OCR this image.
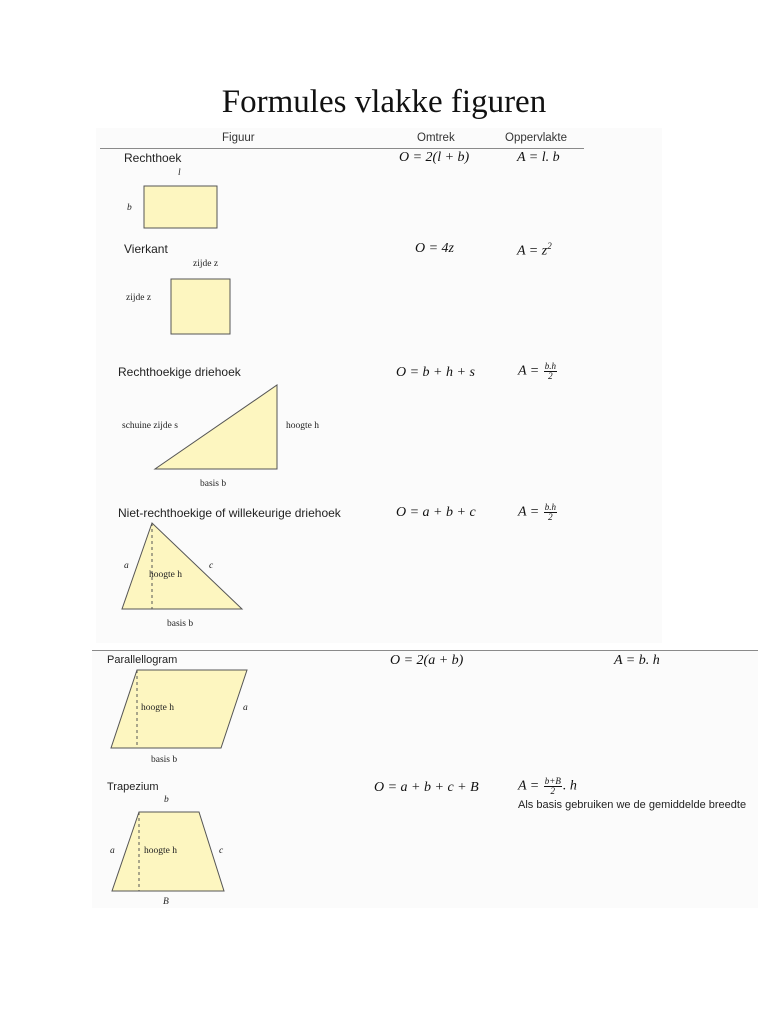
Formules vlakke figuren
Figuur	Omtrek	Oppervlakte
Rechthoek	O = 2(l + b)	A = l. b
l
b
Vierkant	O = 4z	$A = z^2$
zijde z
zijde z
Rechthoekige driehoek	O = b + h + s	$A = \frac{b.h}{2}$
schuine zijde s	hoogte h
basis b
Niet-rechthoekige of willekeurige driehoek	O = a + b + c	$A = \frac{b.h}{2}$
a	c
hoogte h
basis b
Parallellogram	O = 2(a + b)	A = b. h
hoogte h	a
basis b
Trapezium	O = a + b + c + B	$A = \frac{b+B}{2}$ . h
Als basis gebruiken we de gemiddelde breedte
b
a	hoogte h	c
B
